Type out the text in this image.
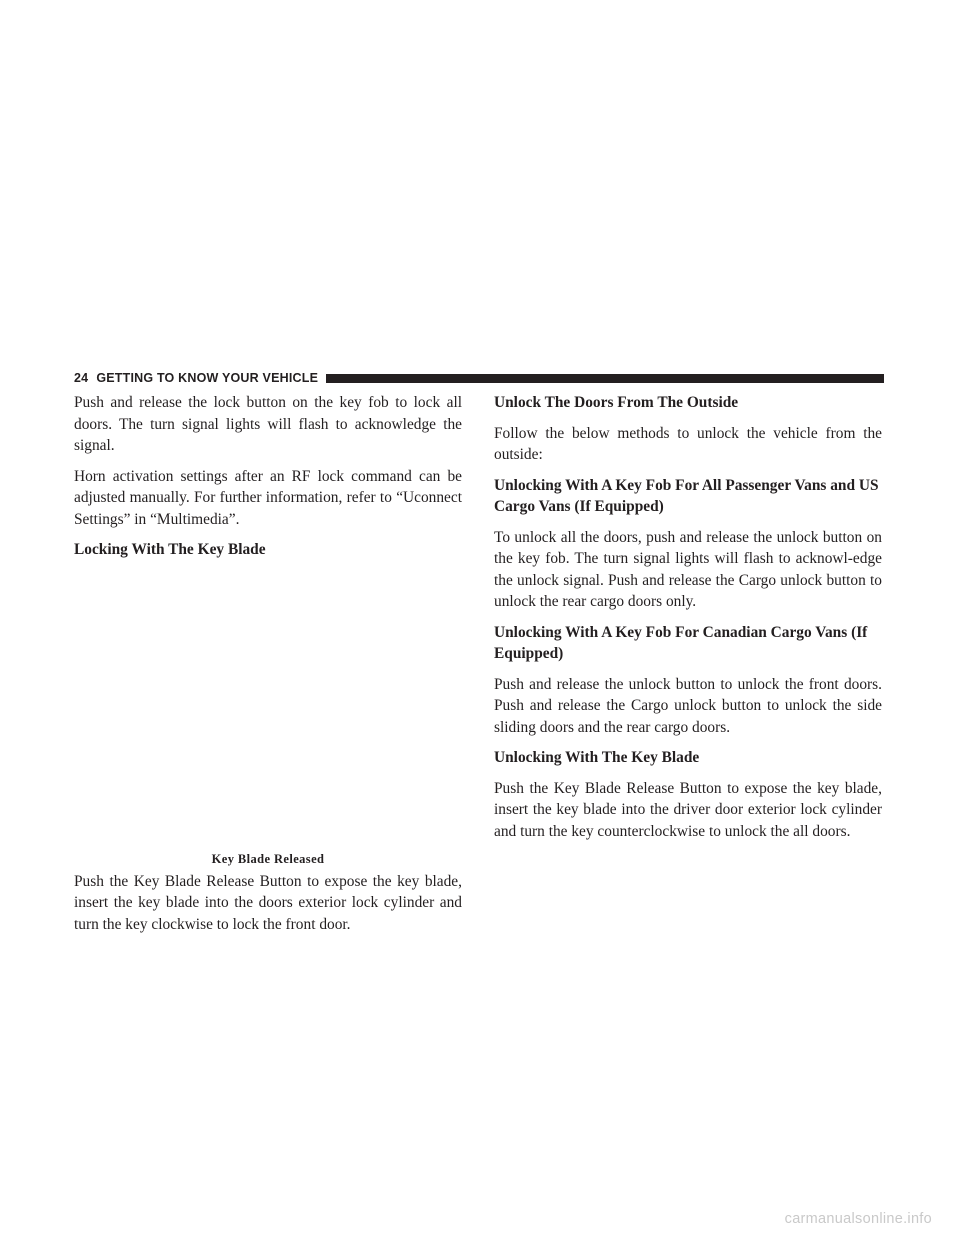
24 GETTING TO KNOW YOUR VEHICLE

Push and release the lock button on the key fob to lock all doors. The turn signal lights will flash to acknowledge the signal.

Horn activation settings after an RF lock command can be adjusted manually. For further information, refer to “Uconnect Settings” in “Multimedia”.

Locking With The Key Blade
Key Blade Released

Push the Key Blade Release Button to expose the key blade, insert the key blade into the doors exterior lock cylinder and turn the key clockwise to lock the front door.

Unlock The Doors From The Outside

Follow the below methods to unlock the vehicle from the outside:

Unlocking With A Key Fob For All Passenger Vans and US Cargo Vans (If Equipped)

To unlock all the doors, push and release the unlock button on the key fob. The turn signal lights will flash to acknowl-edge the unlock signal. Push and release the Cargo unlock button to unlock the rear cargo doors only.

Unlocking With A Key Fob For Canadian Cargo Vans (If Equipped)

Push and release the unlock button to unlock the front doors. Push and release the Cargo unlock button to unlock the side sliding doors and the rear cargo doors.

Unlocking With The Key Blade

Push the Key Blade Release Button to expose the key blade, insert the key blade into the driver door exterior lock cylinder and turn the key counterclockwise to unlock the all doors.

carmanualsonline.info
